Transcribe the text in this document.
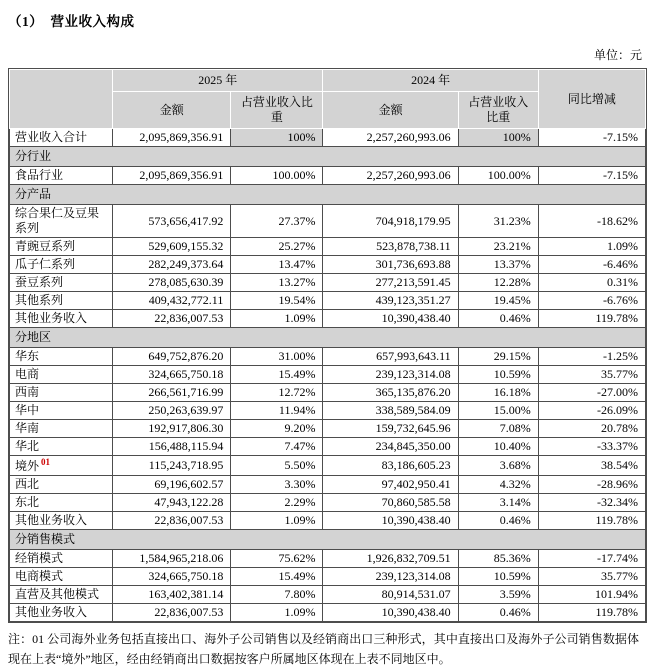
（1）　营业收入构成
单位：元
	2025 年		2024 年		同比增减
	金额	占营业收入比重	金额	占营业收入比重	
营业收入合计	2,095,869,356.91	100%	2,257,260,993.06	100%	-7.15%
分行业					
食品行业	2,095,869,356.91	100.00%	2,257,260,993.06	100.00%	-7.15%
分产品					
综合果仁及豆果系列	573,656,417.92	27.37%	704,918,179.95	31.23%	-18.62%
青豌豆系列	529,609,155.32	25.27%	523,878,738.11	23.21%	1.09%
瓜子仁系列	282,249,373.64	13.47%	301,736,693.88	13.37%	-6.46%
蚕豆系列	278,085,630.39	13.27%	277,213,591.45	12.28%	0.31%
其他系列	409,432,772.11	19.54%	439,123,351.27	19.45%	-6.76%
其他业务收入	22,836,007.53	1.09%	10,390,438.40	0.46%	119.78%
分地区					
华东	649,752,876.20	31.00%	657,993,643.11	29.15%	-1.25%
电商	324,665,750.18	15.49%	239,123,314.08	10.59%	35.77%
西南	266,561,716.99	12.72%	365,135,876.20	16.18%	-27.00%
华中	250,263,639.97	11.94%	338,589,584.09	15.00%	-26.09%
华南	192,917,806.30	9.20%	159,732,645.96	7.08%	20.78%
华北	156,488,115.94	7.47%	234,845,350.00	10.40%	-33.37%
境外 $^{01}$	115,243,718.95	5.50%	83,186,605.23	3.68%	38.54%
西北	69,196,602.57	3.30%	97,402,950.41	4.32%	-28.96%
东北	47,943,122.28	2.29%	70,860,585.58	3.14%	-32.34%
其他业务收入	22,836,007.53	1.09%	10,390,438.40	0.46%	119.78%
分销售模式					
经销模式	1,584,965,218.06	75.62%	1,926,832,709.51	85.36%	-17.74%
电商模式	324,665,750.18	15.49%	239,123,314.08	10.59%	35.77%
直营及其他模式	163,402,381.14	7.80%	80,914,531.07	3.59%	101.94%
其他业务收入	22,836,007.53	1.09%	10,390,438.40	0.46%	119.78%
注：01 公司海外业务包括直接出口、海外子公司销售以及经销商出口三种形式，其中直接出口及海外子公司销售数据体现在上表“境外”地区，经由经销商出口数据按客户所属地区体现在上表不同地区中。
